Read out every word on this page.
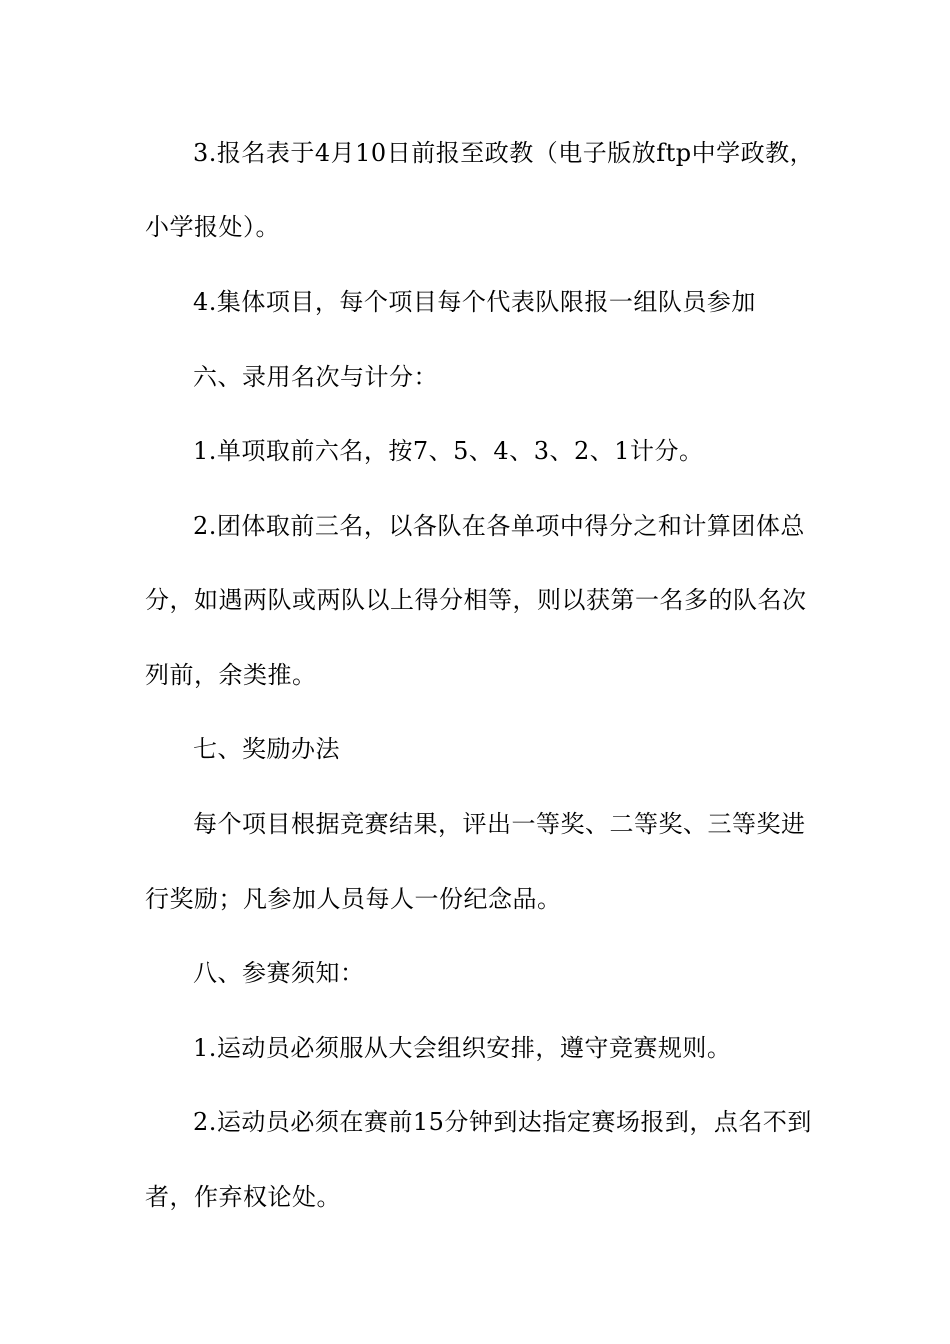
3.报名表于4月10日前报至政教（电子版放ftp中学政教，
小学报处）。
4.集体项目，每个项目每个代表队限报一组队员参加
六、录用名次与计分：
1.单项取前六名，按7、5、4、3、2、1计分。
2.团体取前三名，以各队在各单项中得分之和计算团体总
分，如遇两队或两队以上得分相等，则以获第一名多的队名次
列前，余类推。
七、奖励办法
每个项目根据竞赛结果，评出一等奖、二等奖、三等奖进
行奖励；凡参加人员每人一份纪念品。
八、参赛须知：
1.运动员必须服从大会组织安排，遵守竞赛规则。
2.运动员必须在赛前15分钟到达指定赛场报到，点名不到
者，作弃权论处。
